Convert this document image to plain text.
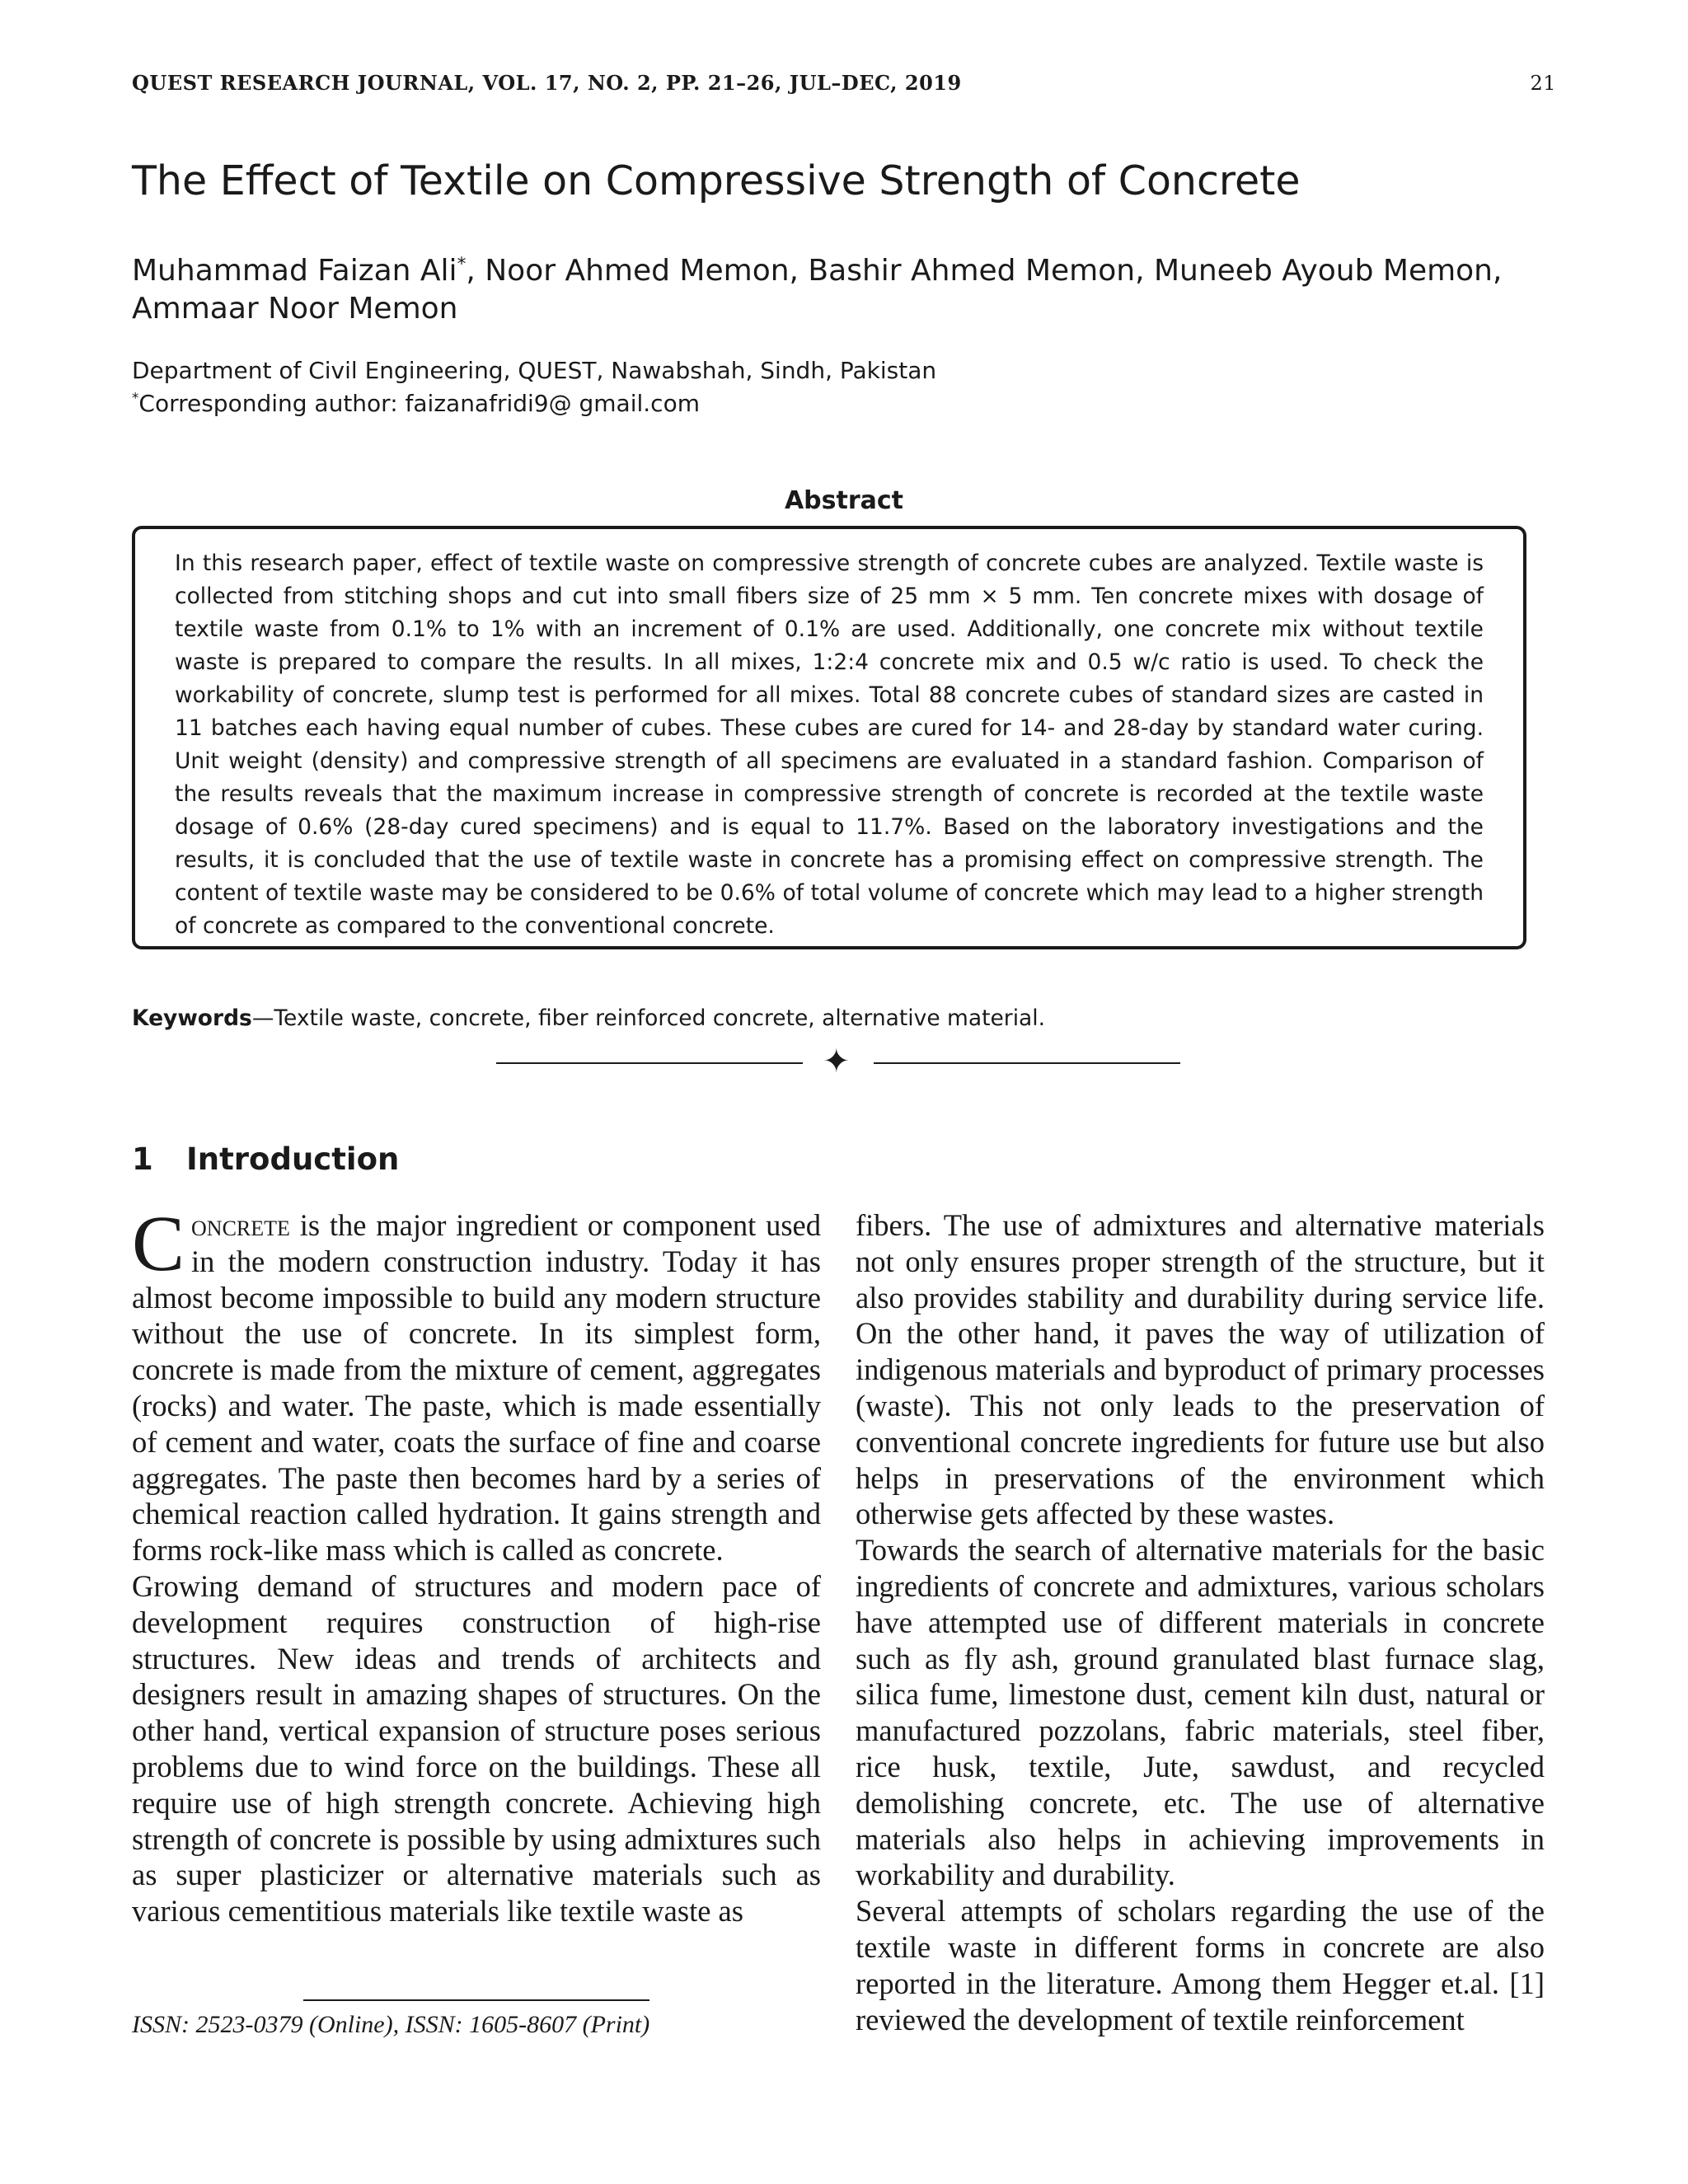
QUEST RESEARCH JOURNAL, VOL. 17, NO. 2, PP. 21–26, JUL–DEC, 2019	21
The Effect of Textile on Compressive Strength of Concrete
Muhammad Faizan Ali*, Noor Ahmed Memon, Bashir Ahmed Memon, Muneeb Ayoub Memon, Ammaar Noor Memon
Department of Civil Engineering, QUEST, Nawabshah, Sindh, Pakistan
*Corresponding author: faizanafridi9@ gmail.com
Abstract

In this research paper, effect of textile waste on compressive strength of concrete cubes are analyzed. Textile waste is collected from stitching shops and cut into small fibers size of 25 mm × 5 mm. Ten concrete mixes with dosage of textile waste from 0.1% to 1% with an increment of 0.1% are used. Additionally, one concrete mix without textile waste is prepared to compare the results. In all mixes, 1:2:4 concrete mix and 0.5 w/c ratio is used. To check the workability of concrete, slump test is performed for all mixes. Total 88 concrete cubes of standard sizes are casted in 11 batches each having equal number of cubes. These cubes are cured for 14- and 28-day by standard water curing. Unit weight (density) and compressive strength of all specimens are evaluated in a standard fashion. Comparison of the results reveals that the maximum increase in compressive strength of concrete is recorded at the textile waste dosage of 0.6% (28-day cured specimens) and is equal to 11.7%. Based on the laboratory investigations and the results, it is concluded that the use of textile waste in concrete has a promising effect on compressive strength. The content of textile waste may be considered to be 0.6% of total volume of concrete which may lead to a higher strength of concrete as compared to the conventional concrete.

Keywords—Textile waste, concrete, fiber reinforced concrete, alternative material.
✦
1 Introduction

Concrete is the major ingredient or component used in the modern construction industry. Today it has almost become impossible to build any modern structure without the use of concrete. In its simplest form, concrete is made from the mixture of cement, aggregates (rocks) and water. The paste, which is made essentially of cement and water, coats the surface of fine and coarse aggregates. The paste then becomes hard by a series of chemical reaction called hydration. It gains strength and forms rock-like mass which is called as concrete.

Growing demand of structures and modern pace of development requires construction of high-rise structures. New ideas and trends of architects and designers result in amazing shapes of structures. On the other hand, vertical expansion of structure poses serious problems due to wind force on the buildings. These all require use of high strength concrete. Achieving high strength of concrete is possible by using admixtures such as super plasticizer or alternative materials such as various cementitious materials like textile waste as

fibers. The use of admixtures and alternative materials not only ensures proper strength of the structure, but it also provides stability and durability during service life. On the other hand, it paves the way of utilization of indigenous materials and byproduct of primary processes (waste). This not only leads to the preservation of conventional concrete ingredients for future use but also helps in preservations of the environment which otherwise gets affected by these wastes.

Towards the search of alternative materials for the basic ingredients of concrete and admixtures, various scholars have attempted use of different materials in concrete such as fly ash, ground granulated blast furnace slag, silica fume, limestone dust, cement kiln dust, natural or manufactured pozzolans, fabric materials, steel fiber, rice husk, textile, Jute, sawdust, and recycled demolishing concrete, etc. The use of alternative materials also helps in achieving improvements in workability and durability.

Several attempts of scholars regarding the use of the textile waste in different forms in concrete are also reported in the literature. Among them Hegger et.al. [1] reviewed the development of textile reinforcement

ISSN: 2523-0379 (Online), ISSN: 1605-8607 (Print)
